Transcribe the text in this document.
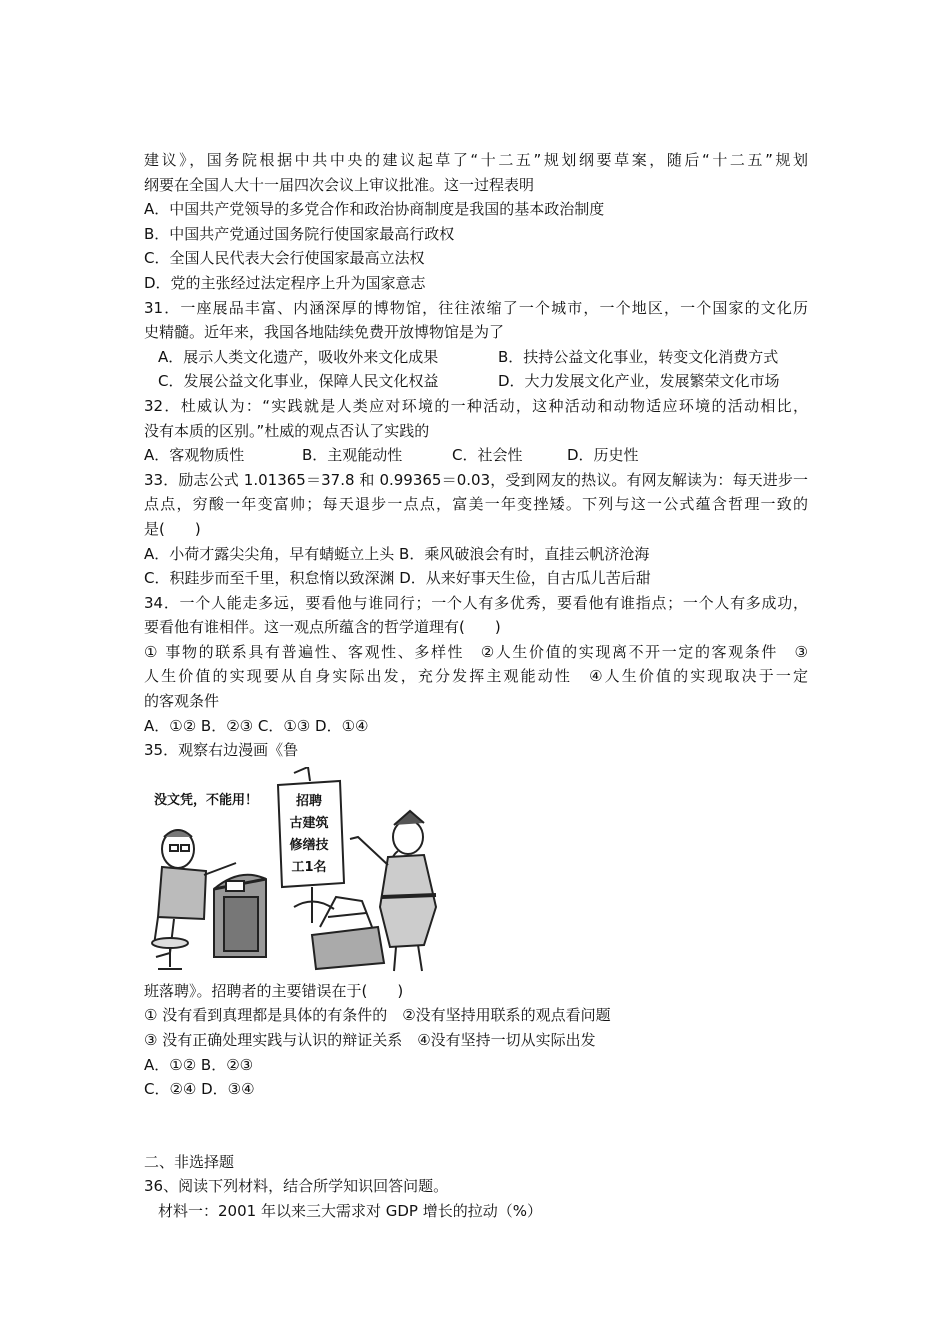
建议》，国务院根据中共中央的建议起草了“十二五”规划纲要草案，随后“十二五”规划
纲要在全国人大十一届四次会议上审议批准。这一过程表明
A．中国共产党领导的多党合作和政治协商制度是我国的基本政治制度
B．中国共产党通过国务院行使国家最高行政权
C．全国人民代表大会行使国家最高立法权
D．党的主张经过法定程序上升为国家意志
31．一座展品丰富、内涵深厚的博物馆，往往浓缩了一个城市，一个地区，一个国家的文化历
史精髓。近年来，我国各地陆续免费开放博物馆是为了
A．展示人类文化遗产，吸收外来文化成果	B．扶持公益文化事业，转变文化消费方式
C．发展公益文化事业，保障人民文化权益	D．大力发展文化产业，发展繁荣文化市场
32．杜威认为：“实践就是人类应对环境的一种活动，这种活动和动物适应环境的活动相比，
没有本质的区别。”杜威的观点否认了实践的
A．客观物质性	B．主观能动性	C．社会性	D．历史性
33．励志公式 1.01365＝37.8 和 0.99365＝0.03，受到网友的热议。有网友解读为：每天进步一
点点，穷酸一年变富帅；每天退步一点点，富美一年变挫矮。下列与这一公式蕴含哲理一致的
是(　　)
A．小荷才露尖尖角，早有蜻蜓立上头 B．乘风破浪会有时，直挂云帆济沧海
C．积跬步而至千里，积怠惰以致深渊 D．从来好事天生俭，自古瓜儿苦后甜
34．一个人能走多远，要看他与谁同行；一个人有多优秀，要看他有谁指点；一个人有多成功，
要看他有谁相伴。这一观点所蕴含的哲学道理有(　　)
① 事物的联系具有普遍性、客观性、多样性　②人生价值的实现离不开一定的客观条件　③
人生价值的实现要从自身实际出发，充分发挥主观能动性　④人生价值的实现取决于一定
的客观条件
A．①② B．②③ C．①③ D．①④
35．观察右边漫画《鲁
没文凭，不能用！	招聘
古建筑
修缮技
工1名
班落聘》。招聘者的主要错误在于(　　)
① 没有看到真理都是具体的有条件的　②没有坚持用联系的观点看问题
③ 没有正确处理实践与认识的辩证关系　④没有坚持一切从实际出发
A．①② B．②③
C．②④ D．③④
二、非选择题
36、阅读下列材料，结合所学知识回答问题。
材料一：2001 年以来三大需求对 GDP 增长的拉动（%）
